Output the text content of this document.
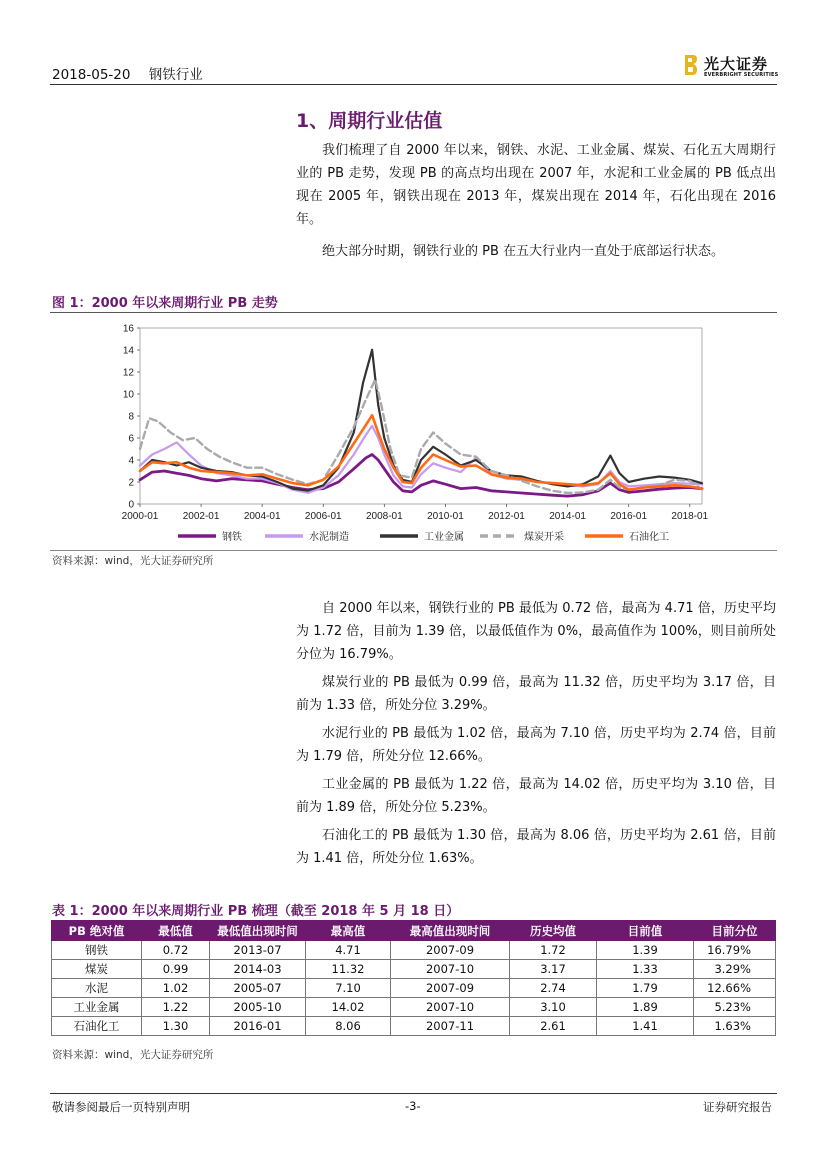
2018-05-20 钢铁行业
光大证券
EVERBRIGHT SECURITIES
1、周期行业估值

我们梳理了自 2000 年以来，钢铁、水泥、工业金属、煤炭、石化五大周期行业的 PB 走势，发现 PB 的高点均出现在 2007 年，水泥和工业金属的 PB 低点出现在 2005 年，钢铁出现在 2013 年，煤炭出现在 2014 年，石化出现在 2016 年。

绝大部分时期，钢铁行业的 PB 在五大行业内一直处于底部运行状态。

图 1：2000 年以来周期行业 PB 走势
0
2
4
6
8
10
12
14
16
2000-01 2002-01 2004-01 2006-01 2008-01 2010-01 2012-01 2014-01 2016-01 2018-01
钢铁	水泥制造	工业金属	煤炭开采	石油化工
资料来源：wind，光大证券研究所

自 2000 年以来，钢铁行业的 PB 最低为 0.72 倍，最高为 4.71 倍，历史平均为 1.72 倍，目前为 1.39 倍，以最低值作为 0%，最高值作为 100%，则目前所处分位为 16.79%。

煤炭行业的 PB 最低为 0.99 倍，最高为 11.32 倍，历史平均为 3.17 倍，目前为 1.33 倍，所处分位 3.29%。

水泥行业的 PB 最低为 1.02 倍，最高为 7.10 倍，历史平均为 2.74 倍，目前为 1.79 倍，所处分位 12.66%。

工业金属的 PB 最低为 1.22 倍，最高为 14.02 倍，历史平均为 3.10 倍，目前为 1.89 倍，所处分位 5.23%。

石油化工的 PB 最低为 1.30 倍，最高为 8.06 倍，历史平均为 2.61 倍，目前为 1.41 倍，所处分位 1.63%。

表 1：2000 年以来周期行业 PB 梳理（截至 2018 年 5 月 18 日）
PB 绝对值	最低值	最低值出现时间	最高值	最高值出现时间	历史均值	目前值	目前分位
钢铁	0.72	2013-07	4.71	2007-09	1.72	1.39	16.79%
煤炭	0.99	2014-03	11.32	2007-10	3.17	1.33	3.29%
水泥	1.02	2005-07	7.10	2007-09	2.74	1.79	12.66%
工业金属	1.22	2005-10	14.02	2007-10	3.10	1.89	5.23%
石油化工	1.30	2016-01	8.06	2007-11	2.61	1.41	1.63%
资料来源：wind，光大证券研究所
敬请参阅最后一页特别声明	-3-	证券研究报告
